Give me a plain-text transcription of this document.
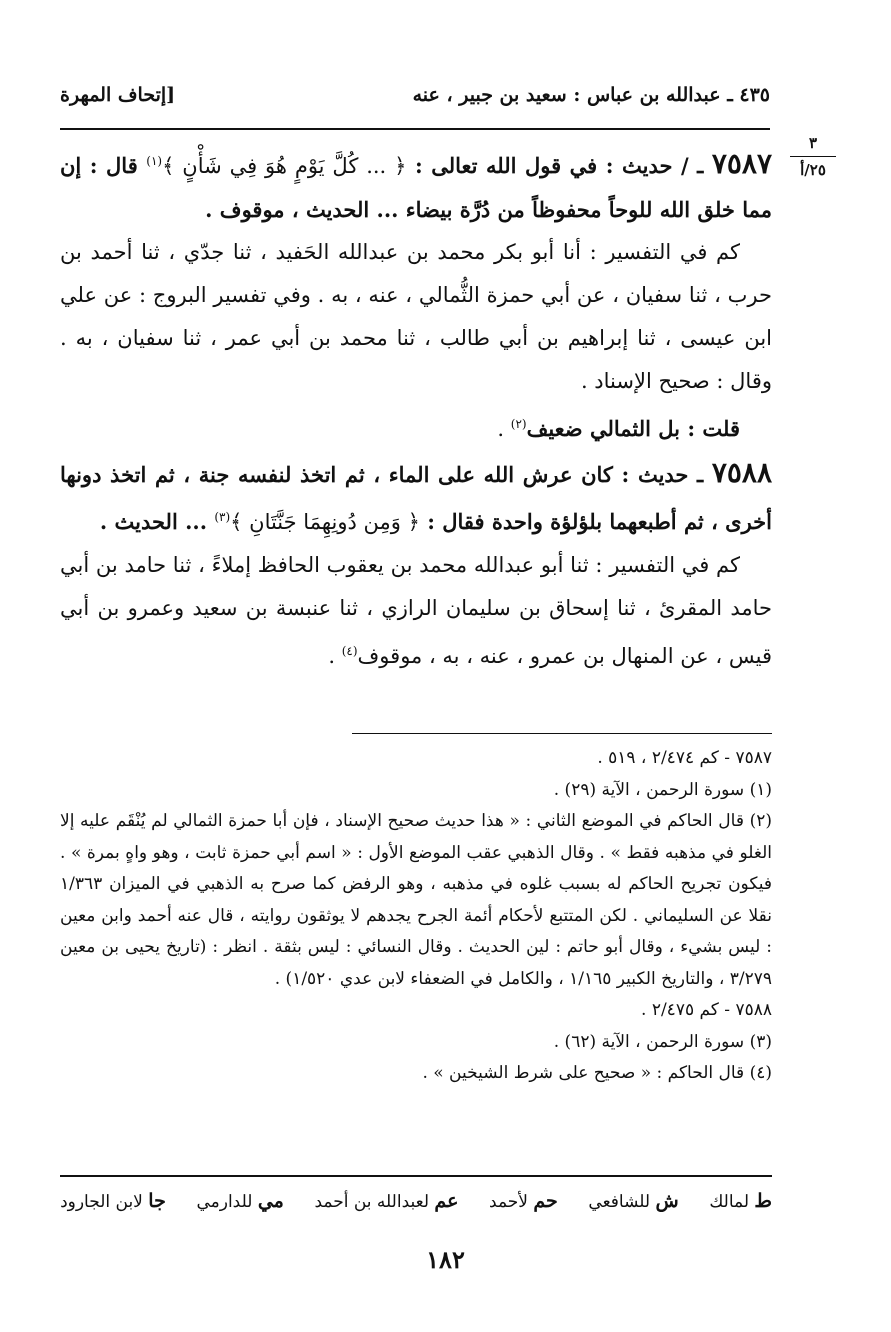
٤٣٥ ـ عبدالله بن عباس : سعيد بن جبير ، عنه
[إتحاف المهرة
٣
٢٥/أ

٧٥٨٧ ـ / حديث : في قول الله تعالى : ﴿ ... كُلَّ يَوْمٍ هُوَ فِي شَأْنٍ ﴾$^{(١)}$ قال : إن مما خلق الله للوحاً محفوظاً من دُرَّة بيضاء ... الحديث ، موقوف .

كم في التفسير : أنا أبو بكر محمد بن عبدالله الحَفيد ، ثنا جدّي ، ثنا أحمد بن حرب ، ثنا سفيان ، عن أبي حمزة الثُّمالي ، عنه ، به . وفي تفسير البروج : عن علي ابن عيسى ، ثنا إبراهيم بن أبي طالب ، ثنا محمد بن أبي عمر ، ثنا سفيان ، به . وقال : صحيح الإسناد .

قلت : بل الثمالي ضعيف$^{(٢)}$ .

٧٥٨٨ ـ حديث : كان عرش الله على الماء ، ثم اتخذ لنفسه جنة ، ثم اتخذ دونها أخرى ، ثم أطبعهما بلؤلؤة واحدة فقال : ﴿ وَمِن دُونِهِمَا جَنَّتَانِ ﴾$^{(٣)}$ ... الحديث .

كم في التفسير : ثنا أبو عبدالله محمد بن يعقوب الحافظ إملاءً ، ثنا حامد بن أبي حامد المقرئ ، ثنا إسحاق بن سليمان الرازي ، ثنا عنبسة بن سعيد وعمرو بن أبي قيس ، عن المنهال بن عمرو ، عنه ، به ، موقوف$^{(٤)}$ .

٧٥٨٧ - كم ٢/٤٧٤ ، ٥١٩ .

(١) سورة الرحمن ، الآية (٢٩) .

(٢) قال الحاكم في الموضع الثاني : « هذا حديث صحيح الإسناد ، فإن أبا حمزة الثمالي لم يُنْقَم عليه إلا الغلو في مذهبه فقط » . وقال الذهبي عقب الموضع الأول : « اسم أبي حمزة ثابت ، وهو واهٍ بمرة » . فيكون تجريح الحاكم له بسبب غلوه في مذهبه ، وهو الرفض كما صرح به الذهبي في الميزان ١/٣٦٣ نقلا عن السليماني . لكن المتتبع لأحكام أئمة الجرح يجدهم لا يوثقون روايته ، قال عنه أحمد وابن معين : ليس بشيء ، وقال أبو حاتم : لين الحديث . وقال النسائي : ليس بثقة . انظر : (تاريخ يحيى بن معين ٣/٢٧٩ ، والتاريخ الكبير ١/١٦٥ ، والكامل في الضعفاء لابن عدي ١/٥٢٠) .

٧٥٨٨ - كم ٢/٤٧٥ .

(٣) سورة الرحمن ، الآية (٦٢) .

(٤) قال الحاكم : « صحيح على شرط الشيخين » .

ط لمالك
ش للشافعي
حم لأحمد
عم لعبدالله بن أحمد
مي للدارمي
جا لابن الجارود
١٨٢
